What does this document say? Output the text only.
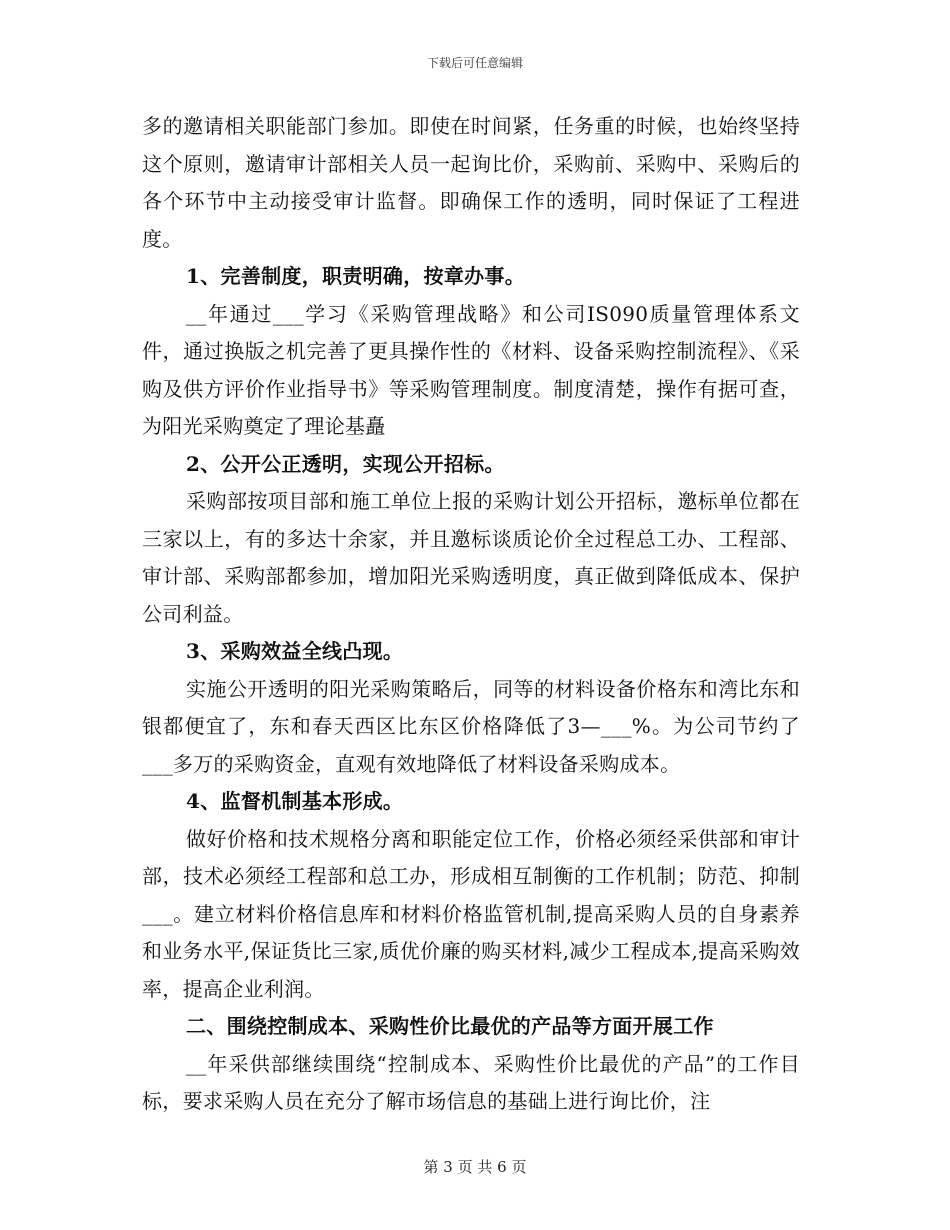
下载后可任意编辑

多的邀请相关职能部门参加。即使在时间紧，任务重的时候，也始终坚持这个原则，邀请审计部相关人员一起询比价，采购前、采购中、采购后的各个环节中主动接受审计监督。即确保工作的透明，同时保证了工程进度。

1、完善制度，职责明确，按章办事。

__年通过___学习《采购管理战略》和公司IS090质量管理体系文件，通过换版之机完善了更具操作性的《材料、设备采购控制流程》、《采购及供方评价作业指导书》等采购管理制度。制度清楚，操作有据可查，为阳光采购奠定了理论基矗

2、公开公正透明，实现公开招标。

采购部按项目部和施工单位上报的采购计划公开招标，邀标单位都在三家以上，有的多达十余家，并且邀标谈质论价全过程总工办、工程部、审计部、采购部都参加，增加阳光采购透明度，真正做到降低成本、保护公司利益。

3、采购效益全线凸现。

实施公开透明的阳光采购策略后，同等的材料设备价格东和湾比东和银都便宜了，东和春天西区比东区价格降低了3—___%。为公司节约了___多万的采购资金，直观有效地降低了材料设备采购成本。

4、监督机制基本形成。

做好价格和技术规格分离和职能定位工作，价格必须经采供部和审计部，技术必须经工程部和总工办，形成相互制衡的工作机制；防范、抑制___。建立材料价格信息库和材料价格监管机制,提高采购人员的自身素养和业务水平,保证货比三家,质优价廉的购买材料,减少工程成本,提高采购效率，提高企业利润。

二、围绕控制成本、采购性价比最优的产品等方面开展工作

__年采供部继续围绕“控制成本、采购性价比最优的产品”的工作目标，要求采购人员在充分了解市场信息的基础上进行询比价，注

第 3 页 共 6 页
